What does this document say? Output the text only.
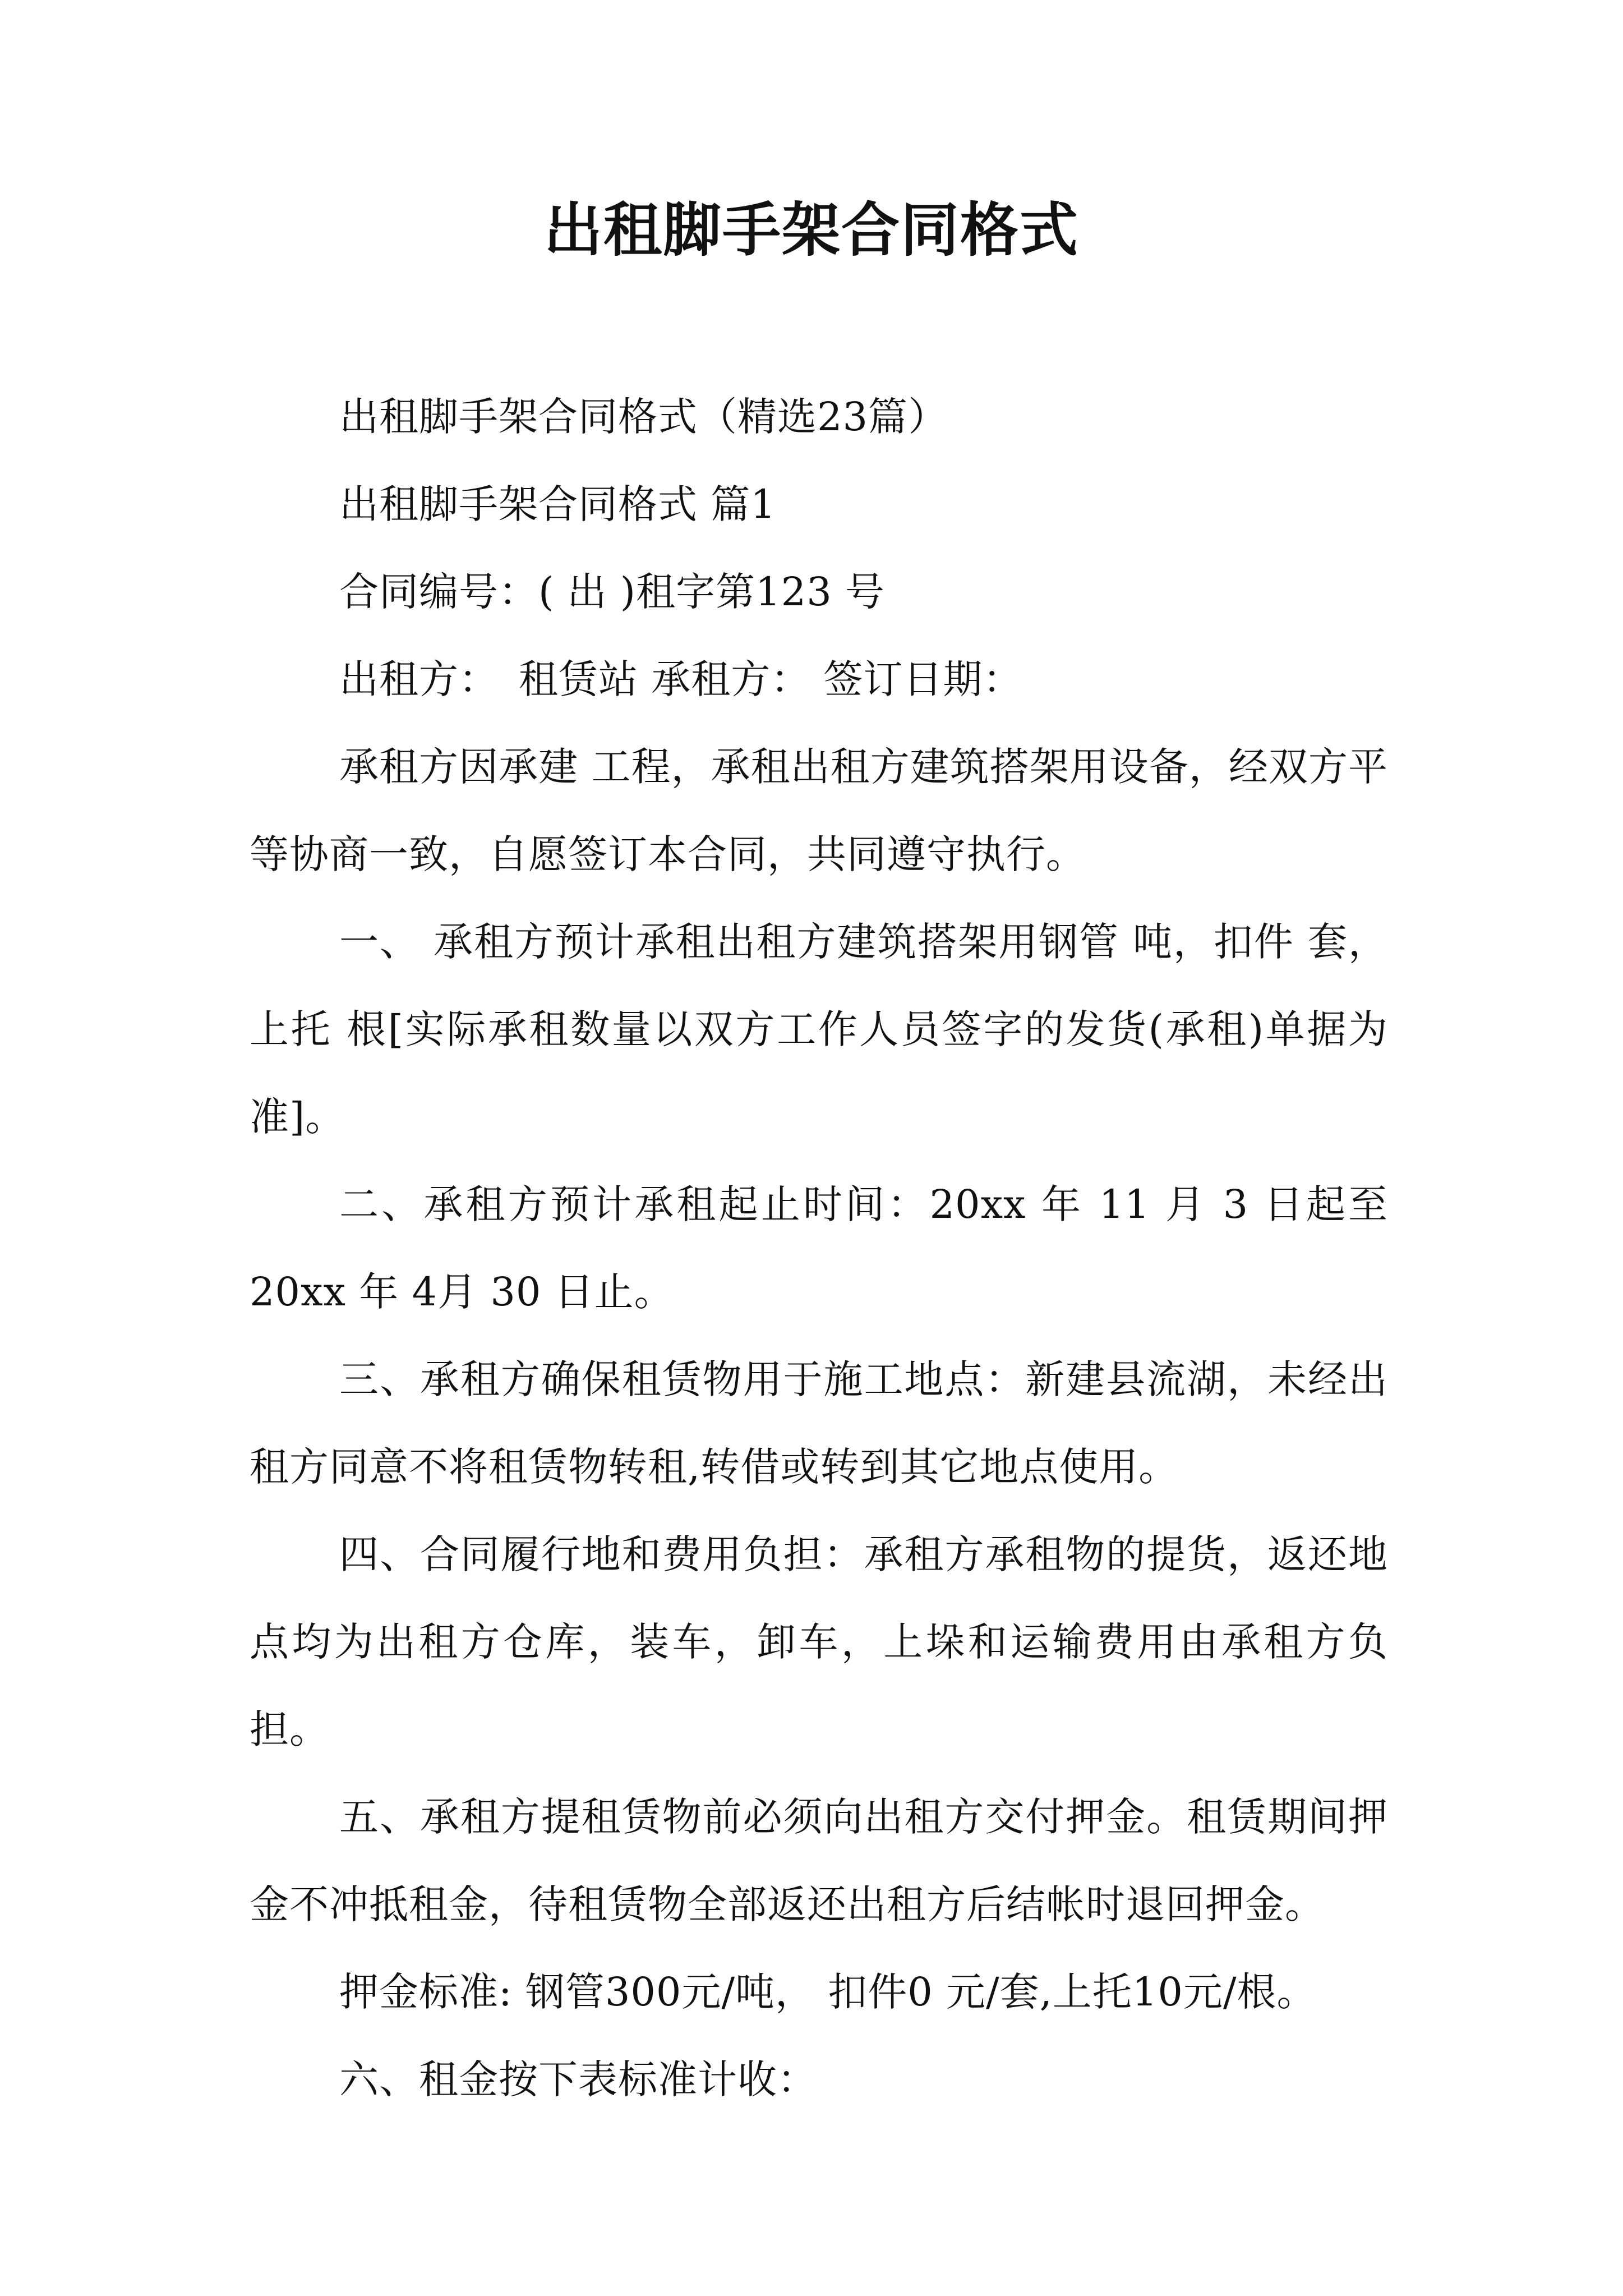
出租脚手架合同格式

出租脚手架合同格式（精选23篇）

出租脚手架合同格式 篇1

合同编号：( 出 )租字第123 号

出租方：　租赁站 承租方： 签订日期：

承租方因承建 工程，承租出租方建筑搭架用设备，经双方平等协商一致，自愿签订本合同，共同遵守执行。

一、 承租方预计承租出租方建筑搭架用钢管 吨，扣件 套，上托 根[实际承租数量以双方工作人员签字的发货(承租)单据为准]。

二、承租方预计承租起止时间：20xx 年 11 月 3 日起至 20xx 年 4月 30 日止。

三、承租方确保租赁物用于施工地点：新建县流湖，未经出租方同意不将租赁物转租,转借或转到其它地点使用。

四、合同履行地和费用负担：承租方承租物的提货，返还地点均为出租方仓库，装车，卸车，上垛和运输费用由承租方负担。

五、承租方提租赁物前必须向出租方交付押金。租赁期间押金不冲抵租金，待租赁物全部返还出租方后结帐时退回押金。

押金标准: 钢管300元/吨， 扣件0 元/套,上托10元/根。

六、租金按下表标准计收：
